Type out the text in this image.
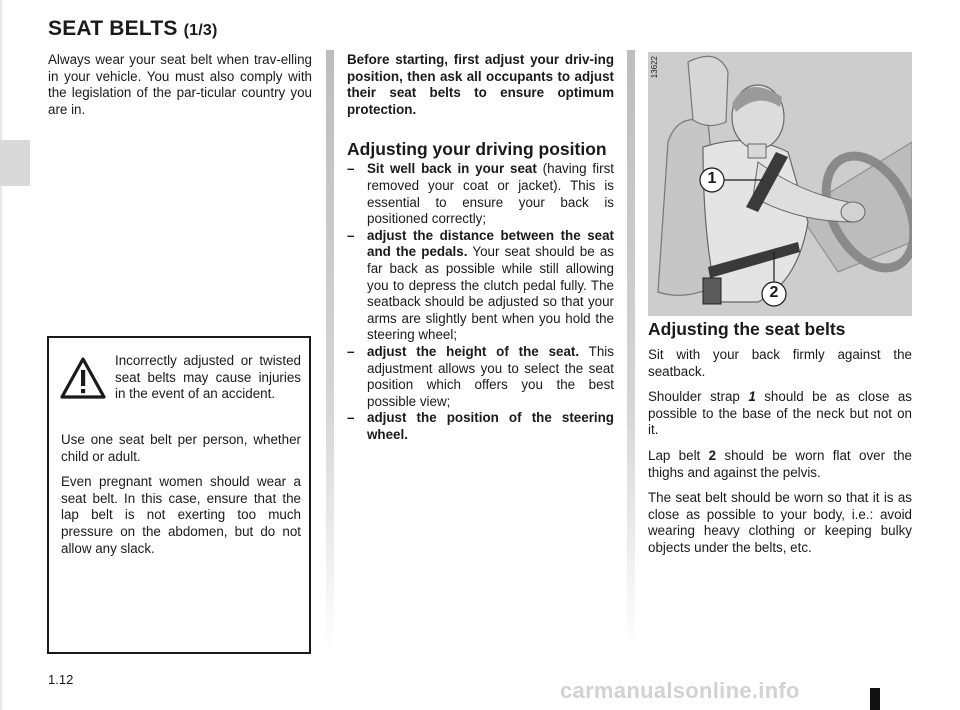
SEAT BELTS (1/3)

Always wear your seat belt when trav-elling in your vehicle. You must also comply with the legislation of the par-ticular country you are in.

Incorrectly adjusted or twisted seat belts may cause injuries in the event of an accident.

Use one seat belt per person, whether child or adult.

Even pregnant women should wear a seat belt. In this case, ensure that the lap belt is not exerting too much pressure on the abdomen, but do not allow any slack.

Before starting, first adjust your driv-ing position, then ask all occupants to adjust their seat belts to ensure optimum protection.

Adjusting your driving position
– Sit well back in your seat (having first removed your coat or jacket). This is essential to ensure your back is positioned correctly;
– adjust the distance between the seat and the pedals. Your seat should be as far back as possible while still allowing you to depress the clutch pedal fully. The seatback should be adjusted so that your arms are slightly bent when you hold the steering wheel;
– adjust the height of the seat. This adjustment allows you to select the seat position which offers you the best possible view;
– adjust the position of the steering wheel.
1
2
13622
Adjusting the seat belts

Sit with your back firmly against the seatback.

Shoulder strap 1 should be as close as possible to the base of the neck but not on it.

Lap belt 2 should be worn flat over the thighs and against the pelvis.

The seat belt should be worn so that it is as close as possible to your body, i.e.: avoid wearing heavy clothing or keeping bulky objects under the belts, etc.

1.12	carmanualsonline.info
